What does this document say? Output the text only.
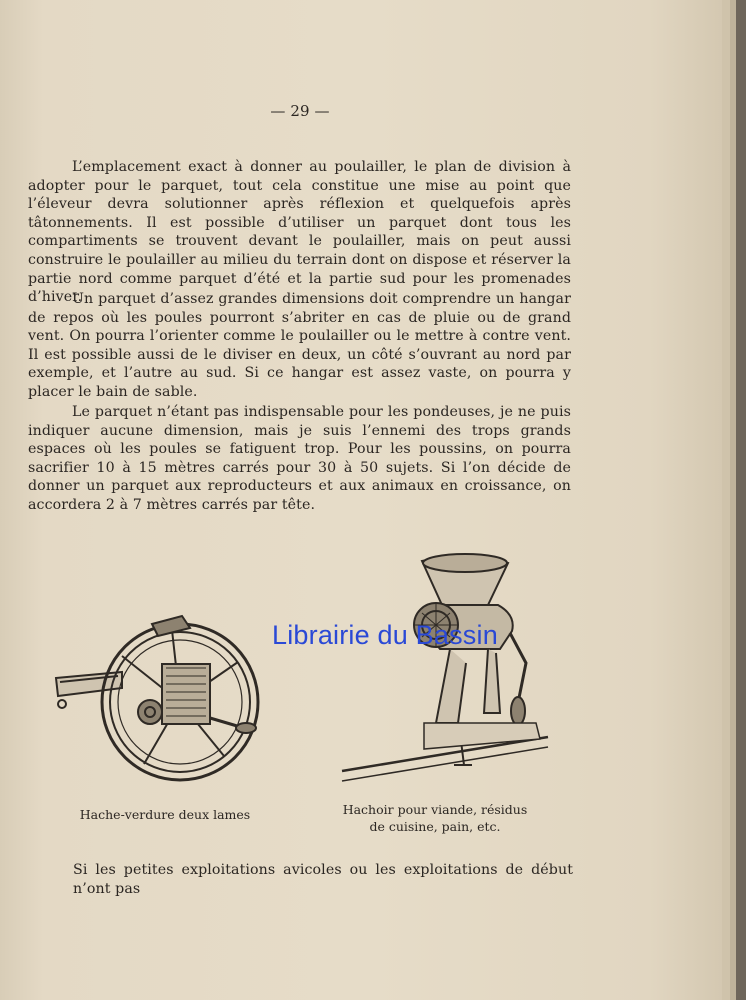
— 29 —

L’emplacement exact à donner au poulailler, le plan de division à adopter pour le parquet, tout cela constitue une mise au point que l’éleveur devra solutionner après réflexion et quelquefois après tâtonnements. Il est possible d’utiliser un parquet dont tous les compartiments se trouvent devant le poulailler, mais on peut aussi construire le poulailler au milieu du terrain dont on dispose et réserver la partie nord comme parquet d’été et la partie sud pour les promenades d’hiver.

Un parquet d’assez grandes dimensions doit comprendre un hangar de repos où les poules pourront s’abriter en cas de pluie ou de grand vent. On pourra l’orienter comme le poulailler ou le mettre à contre vent. Il est possible aussi de le diviser en deux, un côté s’ouvrant au nord par exemple, et l’autre au sud. Si ce hangar est assez vaste, on pourra y placer le bain de sable.

Le parquet n’étant pas indispensable pour les pondeuses, je ne puis indiquer aucune dimension, mais je suis l’ennemi des trops grands espaces où les poules se fatiguent trop. Pour les poussins, on pourra sacrifier 10 à 15 mètres carrés pour 30 à 50 sujets. Si l’on décide de donner un parquet aux reproducteurs et aux animaux en croissance, on accordera 2 à 7 mètres carrés par tête.

Librairie du Bassin
Hache-verdure deux lames	Hachoir pour viande, résidus
de cuisine, pain, etc.

Si les petites exploitations avicoles ou les exploitations de début n’ont pas
